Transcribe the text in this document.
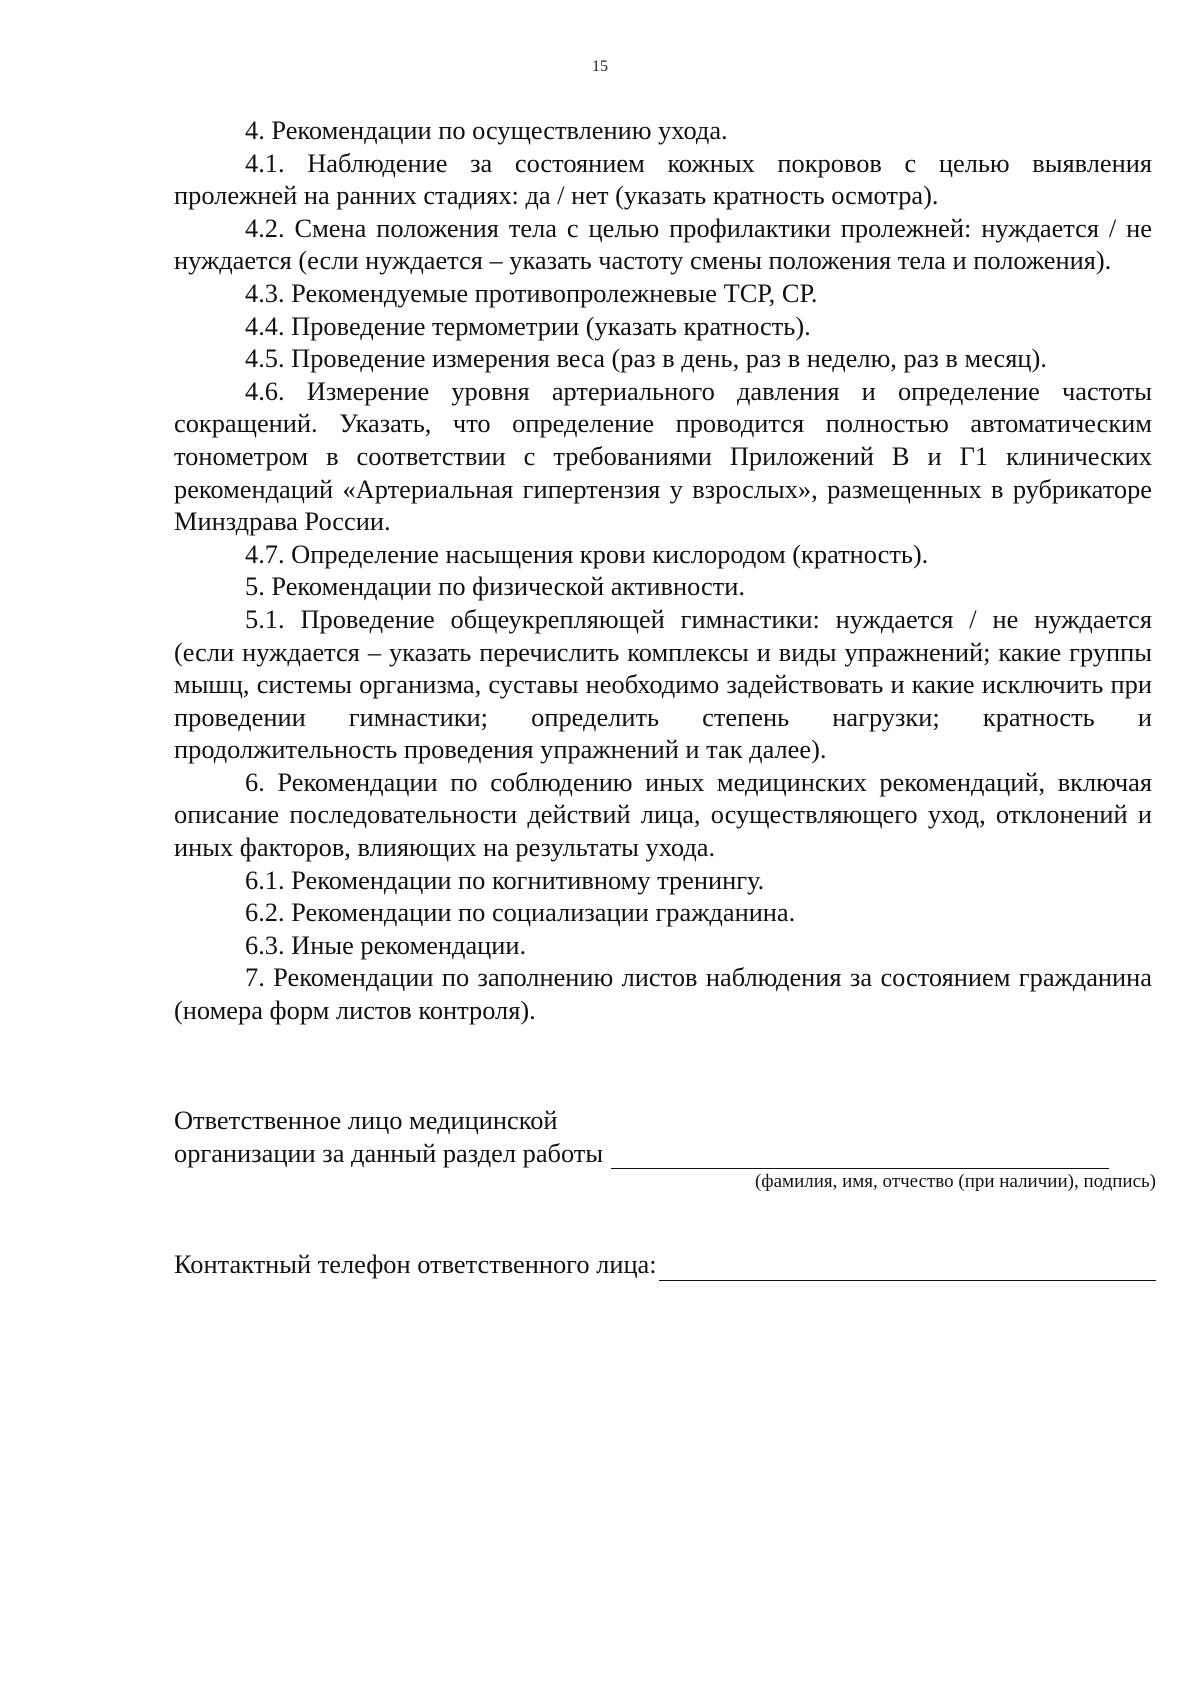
15

4. Рекомендации по осуществлению ухода.

4.1. Наблюдение за состоянием кожных покровов с целью выявления пролежней на ранних стадиях: да / нет (указать кратность осмотра).

4.2. Смена положения тела с целью профилактики пролежней: нуждается / не нуждается (если нуждается – указать частоту смены положения тела и положения).

4.3. Рекомендуемые противопролежневые ТСР, СР.

4.4. Проведение термометрии (указать кратность).

4.5. Проведение измерения веса (раз в день, раз в неделю, раз в месяц).

4.6. Измерение уровня артериального давления и определение частоты сокращений. Указать, что определение проводится полностью автоматическим тонометром в соответствии с требованиями Приложений В и Г1 клинических рекомендаций «Артериальная гипертензия у взрослых», размещенных в рубрикаторе Минздрава России.

4.7. Определение насыщения крови кислородом (кратность).

5. Рекомендации по физической активности.

5.1. Проведение общеукрепляющей гимнастики: нуждается / не нуждается (если нуждается – указать перечислить комплексы и виды упражнений; какие группы мышц, системы организма, суставы необходимо задействовать и какие исключить при проведении гимнастики; определить степень нагрузки; кратность и продолжительность проведения упражнений и так далее).

6. Рекомендации по соблюдению иных медицинских рекомендаций, включая описание последовательности действий лица, осуществляющего уход, отклонений и иных факторов, влияющих на результаты ухода.

6.1. Рекомендации по когнитивному тренингу.

6.2. Рекомендации по социализации гражданина.

6.3. Иные рекомендации.

7. Рекомендации по заполнению листов наблюдения за состоянием гражданина (номера форм листов контроля).

Ответственное лицо медицинской

организации за данный раздел работы

(фамилия, имя, отчество (при наличии), подпись)
Контактный телефон ответственного лица:
